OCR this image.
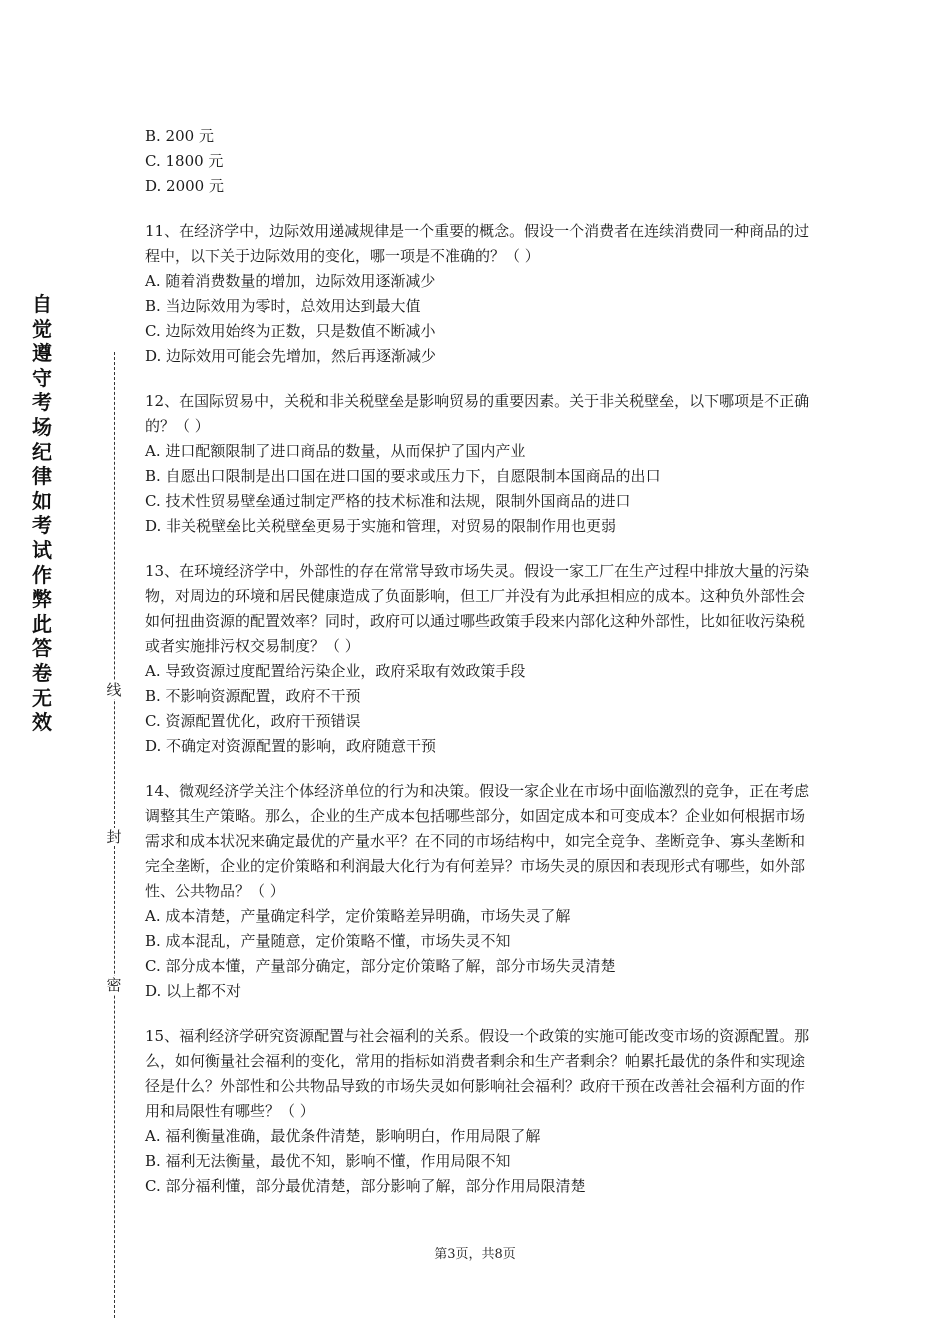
自觉遵守考场纪律如考试作弊此答卷无效
线
封
密

B. 200 元

C. 1800 元

D. 2000 元

11、在经济学中，边际效用递减规律是一个重要的概念。假设一个消费者在连续消费同一种商品的过程中，以下关于边际效用的变化，哪一项是不准确的？（ ）

A. 随着消费数量的增加，边际效用逐渐减少

B. 当边际效用为零时，总效用达到最大值

C. 边际效用始终为正数，只是数值不断减小

D. 边际效用可能会先增加，然后再逐渐减少

12、在国际贸易中，关税和非关税壁垒是影响贸易的重要因素。关于非关税壁垒，以下哪项是不正确的？（ ）

A. 进口配额限制了进口商品的数量，从而保护了国内产业

B. 自愿出口限制是出口国在进口国的要求或压力下，自愿限制本国商品的出口

C. 技术性贸易壁垒通过制定严格的技术标准和法规，限制外国商品的进口

D. 非关税壁垒比关税壁垒更易于实施和管理，对贸易的限制作用也更弱

13、在环境经济学中，外部性的存在常常导致市场失灵。假设一家工厂在生产过程中排放大量的污染物，对周边的环境和居民健康造成了负面影响，但工厂并没有为此承担相应的成本。这种负外部性会如何扭曲资源的配置效率？同时，政府可以通过哪些政策手段来内部化这种外部性，比如征收污染税或者实施排污权交易制度？（ ）

A. 导致资源过度配置给污染企业，政府采取有效政策手段

B. 不影响资源配置，政府不干预

C. 资源配置优化，政府干预错误

D. 不确定对资源配置的影响，政府随意干预

14、微观经济学关注个体经济单位的行为和决策。假设一家企业在市场中面临激烈的竞争，正在考虑调整其生产策略。那么，企业的生产成本包括哪些部分，如固定成本和可变成本？企业如何根据市场需求和成本状况来确定最优的产量水平？在不同的市场结构中，如完全竞争、垄断竞争、寡头垄断和完全垄断，企业的定价策略和利润最大化行为有何差异？市场失灵的原因和表现形式有哪些，如外部性、公共物品？（ ）

A. 成本清楚，产量确定科学，定价策略差异明确，市场失灵了解

B. 成本混乱，产量随意，定价策略不懂，市场失灵不知

C. 部分成本懂，产量部分确定，部分定价策略了解，部分市场失灵清楚

D. 以上都不对

15、福利经济学研究资源配置与社会福利的关系。假设一个政策的实施可能改变市场的资源配置。那么，如何衡量社会福利的变化，常用的指标如消费者剩余和生产者剩余？帕累托最优的条件和实现途径是什么？外部性和公共物品导致的市场失灵如何影响社会福利？政府干预在改善社会福利方面的作用和局限性有哪些？（ ）

A. 福利衡量准确，最优条件清楚，影响明白，作用局限了解

B. 福利无法衡量，最优不知，影响不懂，作用局限不知

C. 部分福利懂，部分最优清楚，部分影响了解，部分作用局限清楚

第3页，共8页
